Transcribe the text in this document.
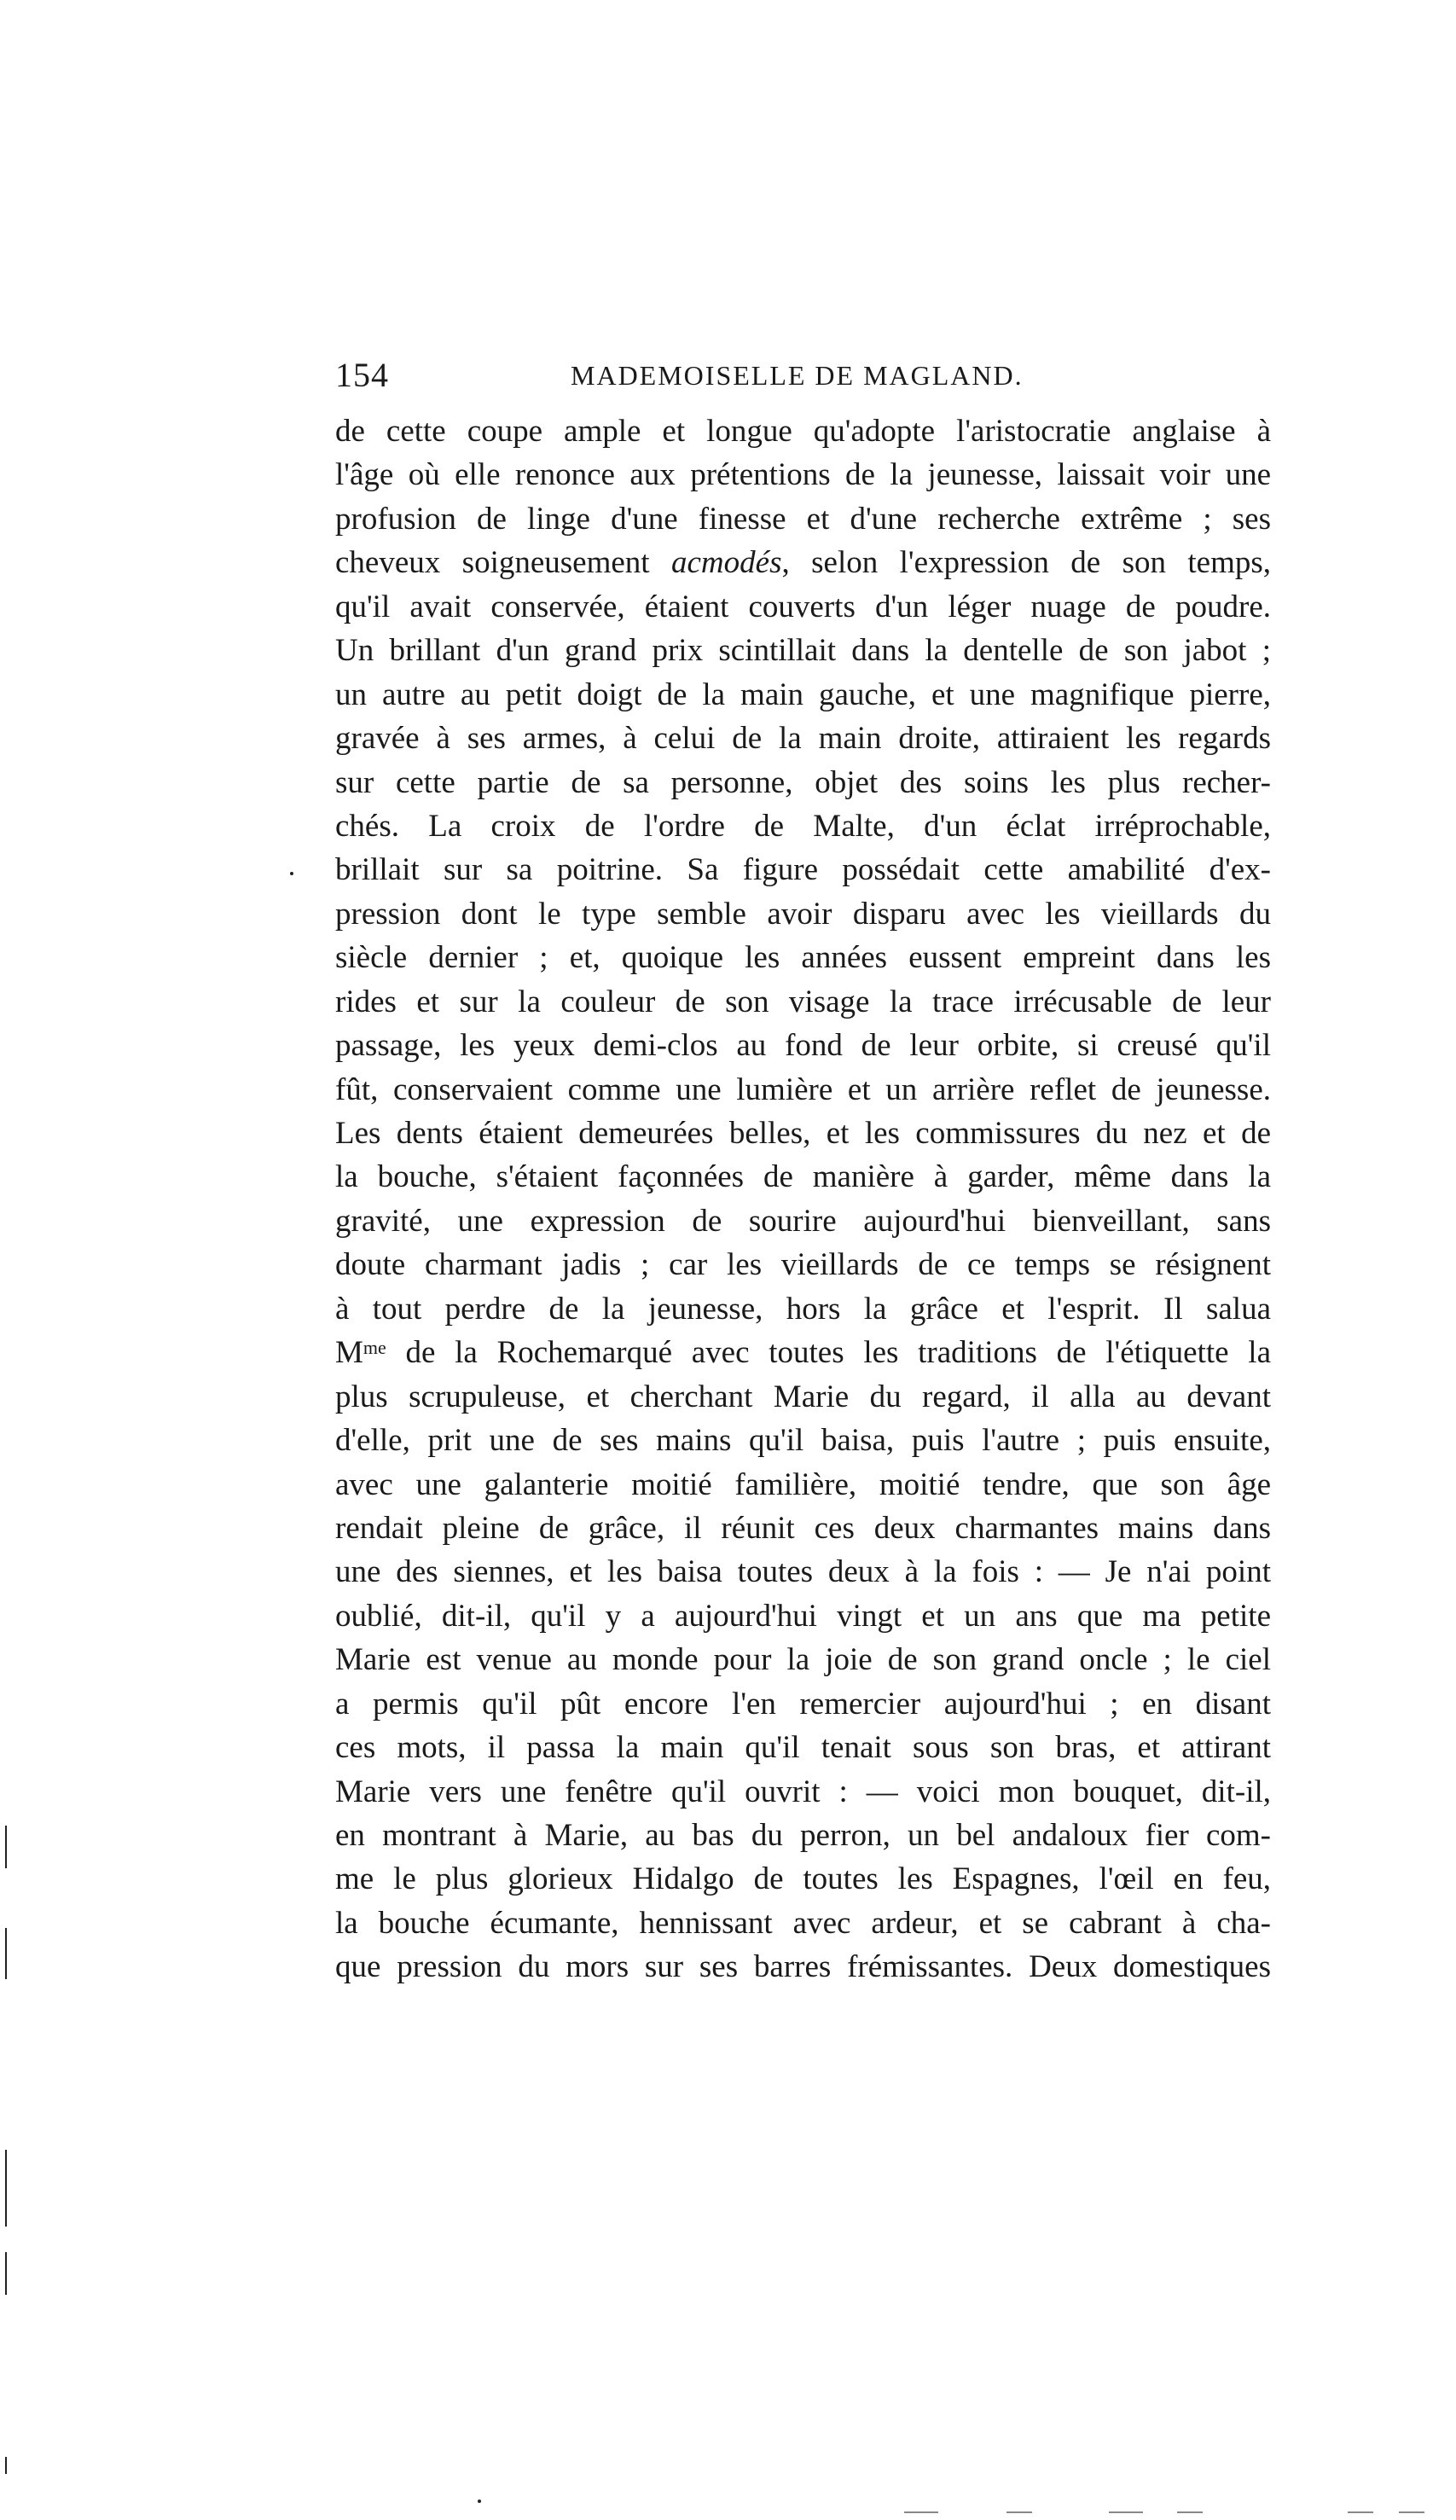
154	MADEMOISELLE DE MAGLAND.
de cette coupe ample et longue qu'adopte l'aristocratie anglaise à
l'âge où elle renonce aux prétentions de la jeunesse, laissait voir une
profusion de linge d'une finesse et d'une recherche extrême ; ses
cheveux soigneusement acmodés, selon l'expression de son temps,
qu'il avait conservée, étaient couverts d'un léger nuage de poudre.
Un brillant d'un grand prix scintillait dans la dentelle de son jabot ;
un autre au petit doigt de la main gauche, et une magnifique pierre,
gravée à ses armes, à celui de la main droite, attiraient les regards
sur cette partie de sa personne, objet des soins les plus recher-
chés. La croix de l'ordre de Malte, d'un éclat irréprochable,
brillait sur sa poitrine. Sa figure possédait cette amabilité d'ex-
pression dont le type semble avoir disparu avec les vieillards du
siècle dernier ; et, quoique les années eussent empreint dans les
rides et sur la couleur de son visage la trace irrécusable de leur
passage, les yeux demi-clos au fond de leur orbite, si creusé qu'il
fût, conservaient comme une lumière et un arrière reflet de jeunesse.
Les dents étaient demeurées belles, et les commissures du nez et de
la bouche, s'étaient façonnées de manière à garder, même dans la
gravité, une expression de sourire aujourd'hui bienveillant, sans
doute charmant jadis ; car les vieillards de ce temps se résignent
à tout perdre de la jeunesse, hors la grâce et l'esprit. Il salua
$M^{me}$ de la Rochemarqué avec toutes les traditions de l'étiquette la
plus scrupuleuse, et cherchant Marie du regard, il alla au devant
d'elle, prit une de ses mains qu'il baisa, puis l'autre ; puis ensuite,
avec une galanterie moitié familière, moitié tendre, que son âge
rendait pleine de grâce, il réunit ces deux charmantes mains dans
une des siennes, et les baisa toutes deux à la fois : — Je n'ai point
oublié, dit-il, qu'il y a aujourd'hui vingt et un ans que ma petite
Marie est venue au monde pour la joie de son grand oncle ; le ciel
a permis qu'il pût encore l'en remercier aujourd'hui ; en disant
ces mots, il passa la main qu'il tenait sous son bras, et attirant
Marie vers une fenêtre qu'il ouvrit : — voici mon bouquet, dit-il,
en montrant à Marie, au bas du perron, un bel andaloux fier com-
me le plus glorieux Hidalgo de toutes les Espagnes, l'œil en feu,
la bouche écumante, hennissant avec ardeur, et se cabrant à cha-
que pression du mors sur ses barres frémissantes. Deux domestiques
